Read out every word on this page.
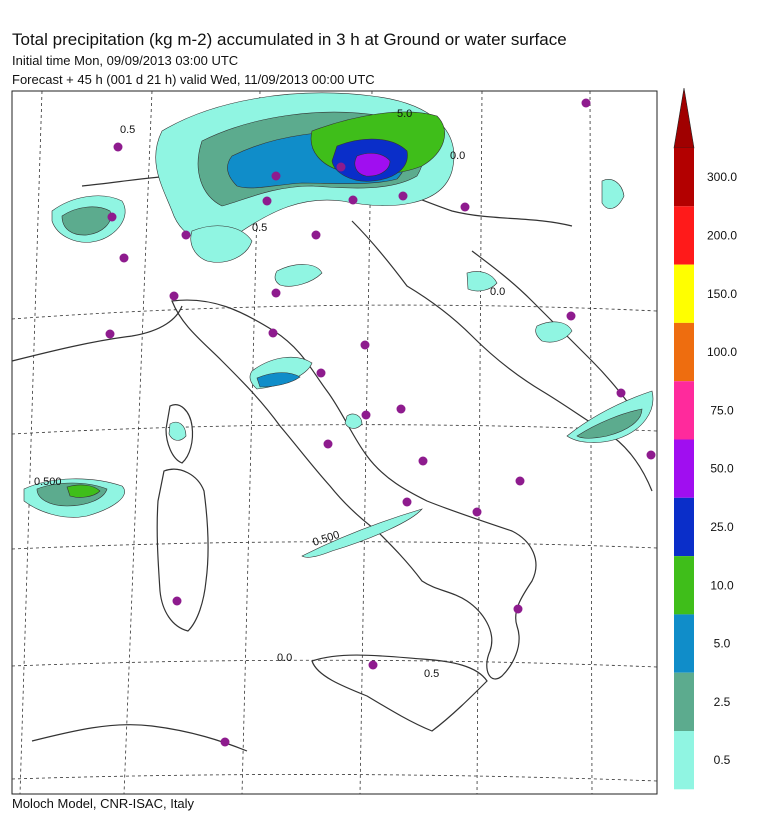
Total precipitation (kg m-2) accumulated in 3 h at Ground or water surface
Initial time Mon, 09/09/2013 03:00 UTC
Forecast + 45 h (001 d 21 h) valid Wed, 11/09/2013 00:00 UTC
0.5
5.0
0.500
0.500
0.0
0.5
0.0
0.5
0.0
300.0
200.0
150.0
100.0
75.0
50.0
25.0
10.0
5.0
2.5
0.5
Moloch Model, CNR-ISAC, Italy
